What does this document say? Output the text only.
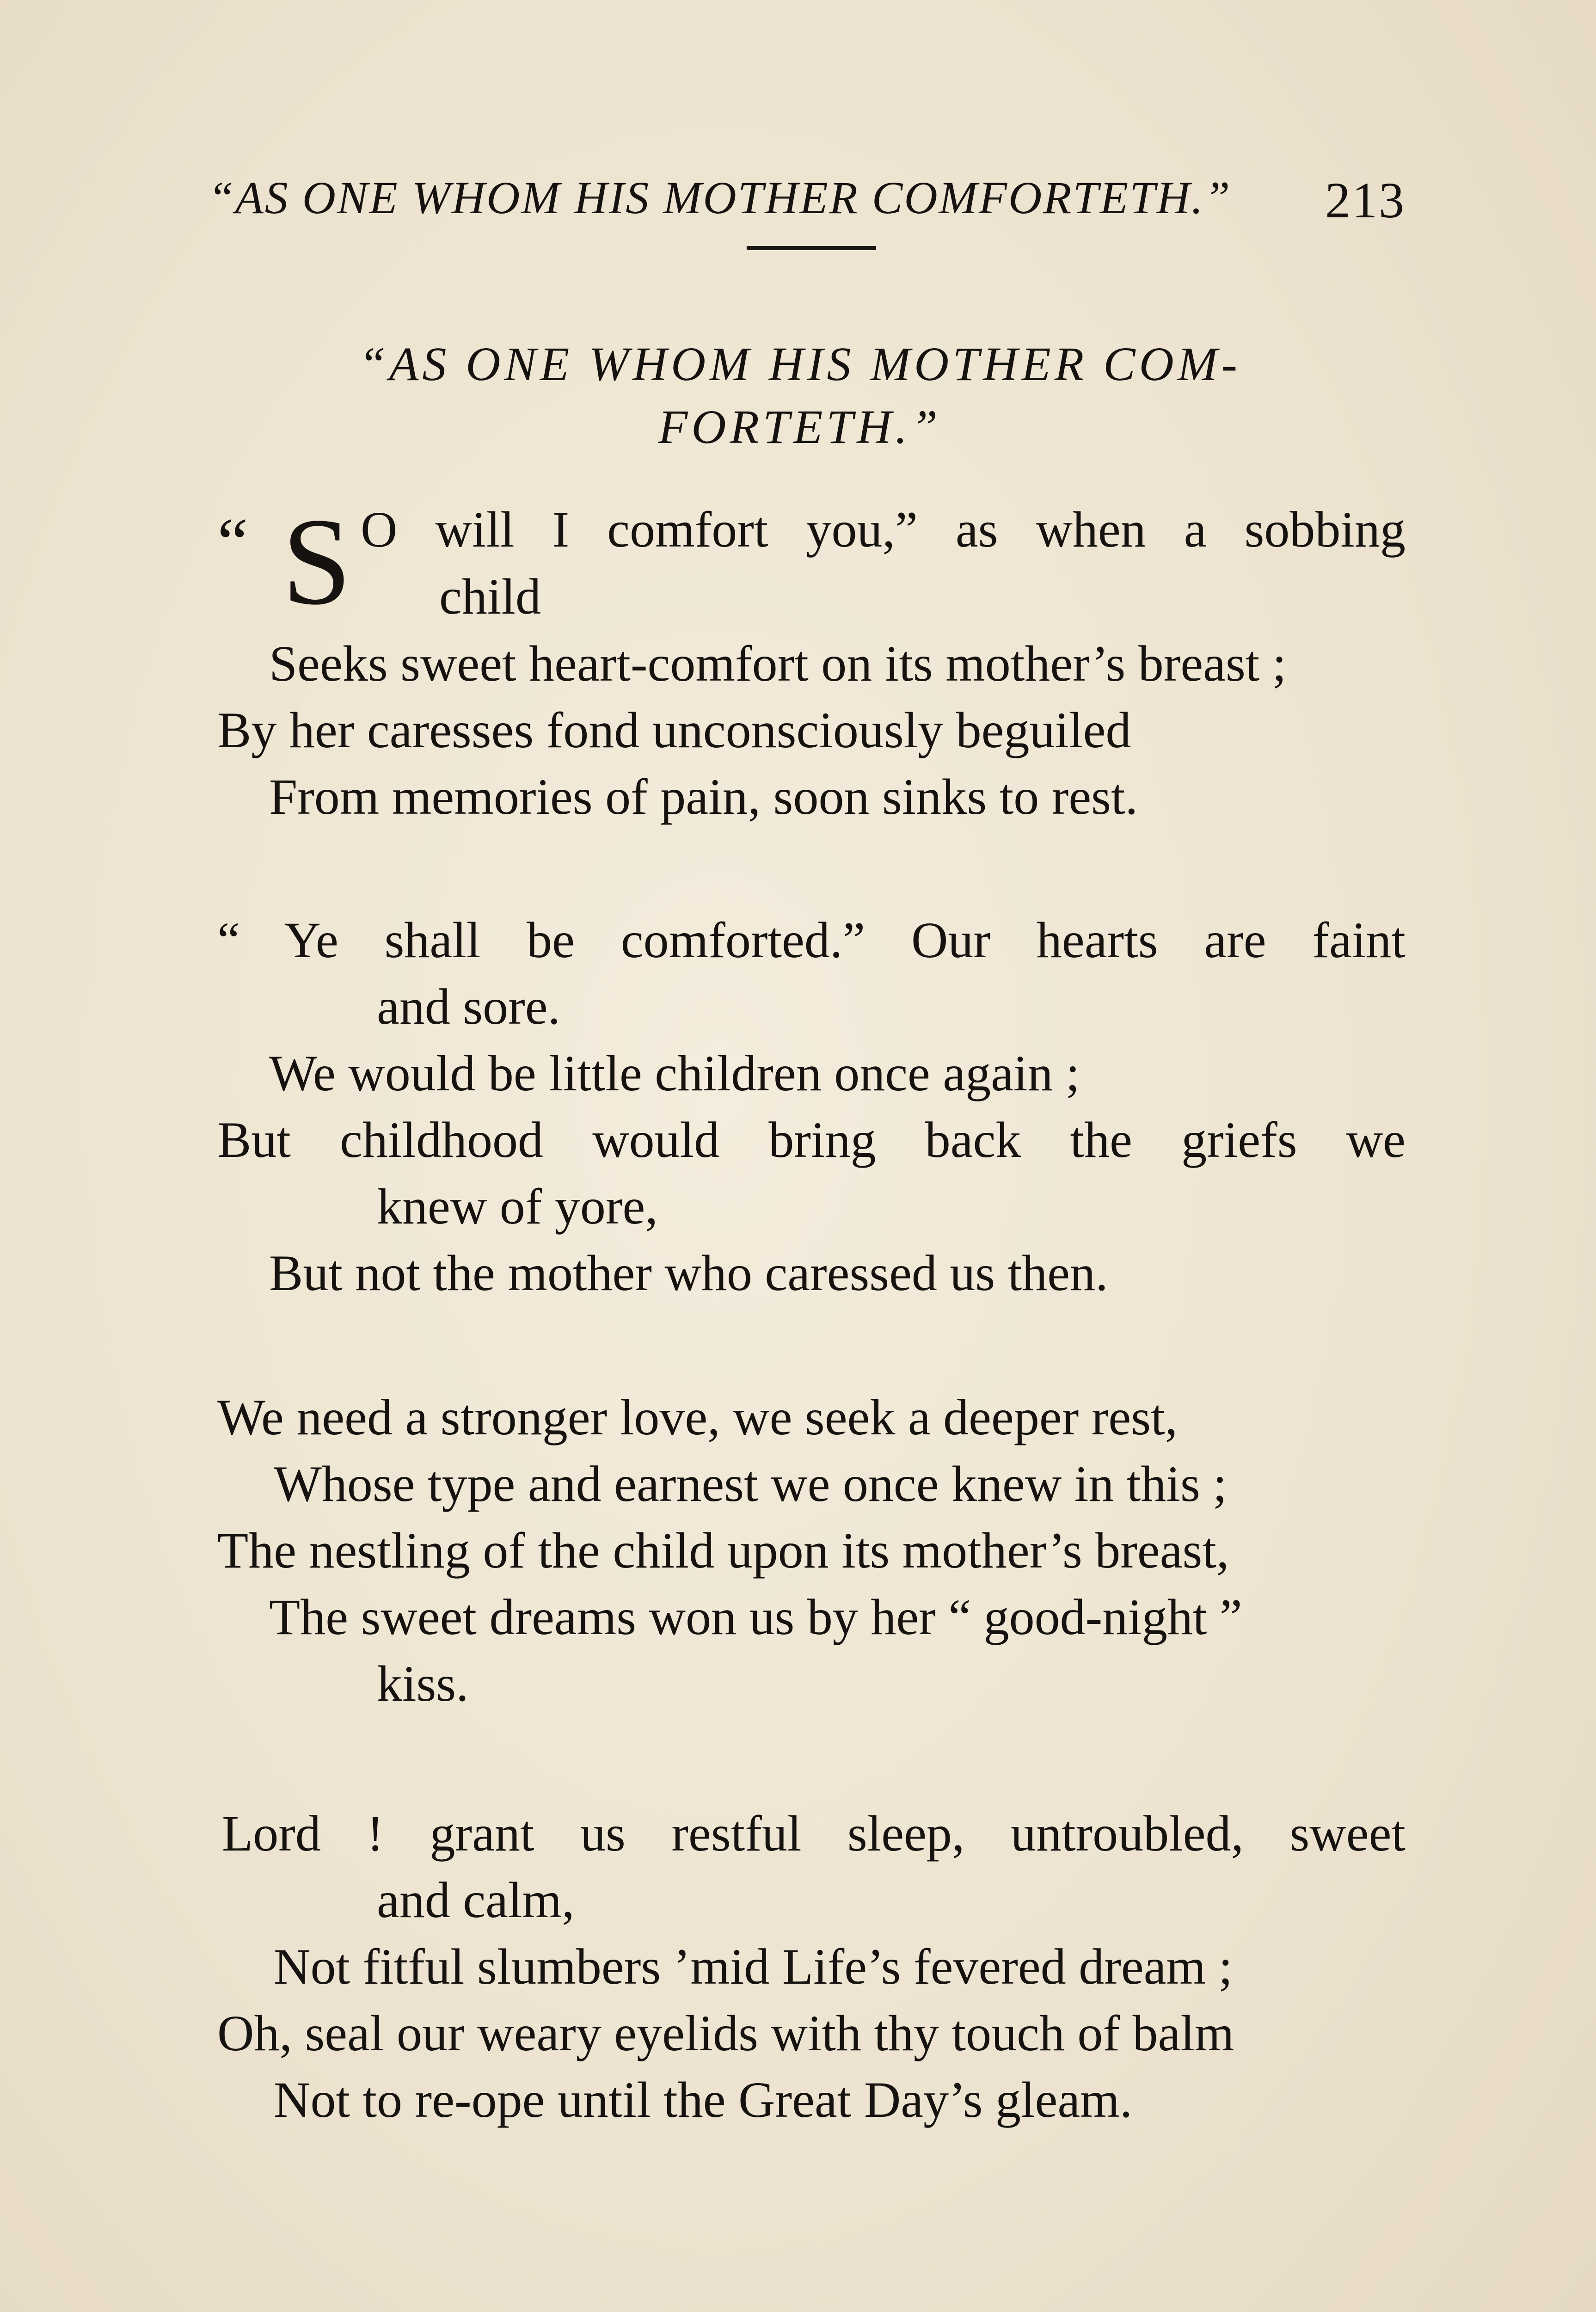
“AS ONE WHOM HIS MOTHER COMFORTETH.” 213
“AS ONE WHOM HIS MOTHER COM-
FORTETH.”
“ S O will I comfort you,” as when a sobbing
child
Seeks sweet heart-comfort on its mother’s breast ;
By her caresses fond unconsciously beguiled
From memories of pain, soon sinks to rest.
“ Ye shall be comforted.” Our hearts are faint
and sore.
We would be little children once again ;
But childhood would bring back the griefs we
knew of yore,
But not the mother who caressed us then.
We need a stronger love, we seek a deeper rest,
Whose type and earnest we once knew in this ;
The nestling of the child upon its mother’s breast,
The sweet dreams won us by her “ good-night ”
kiss.
Lord ! grant us restful sleep, untroubled, sweet
and calm,
Not fitful slumbers ’mid Life’s fevered dream ;
Oh, seal our weary eyelids with thy touch of balm
Not to re-ope until the Great Day’s gleam.
